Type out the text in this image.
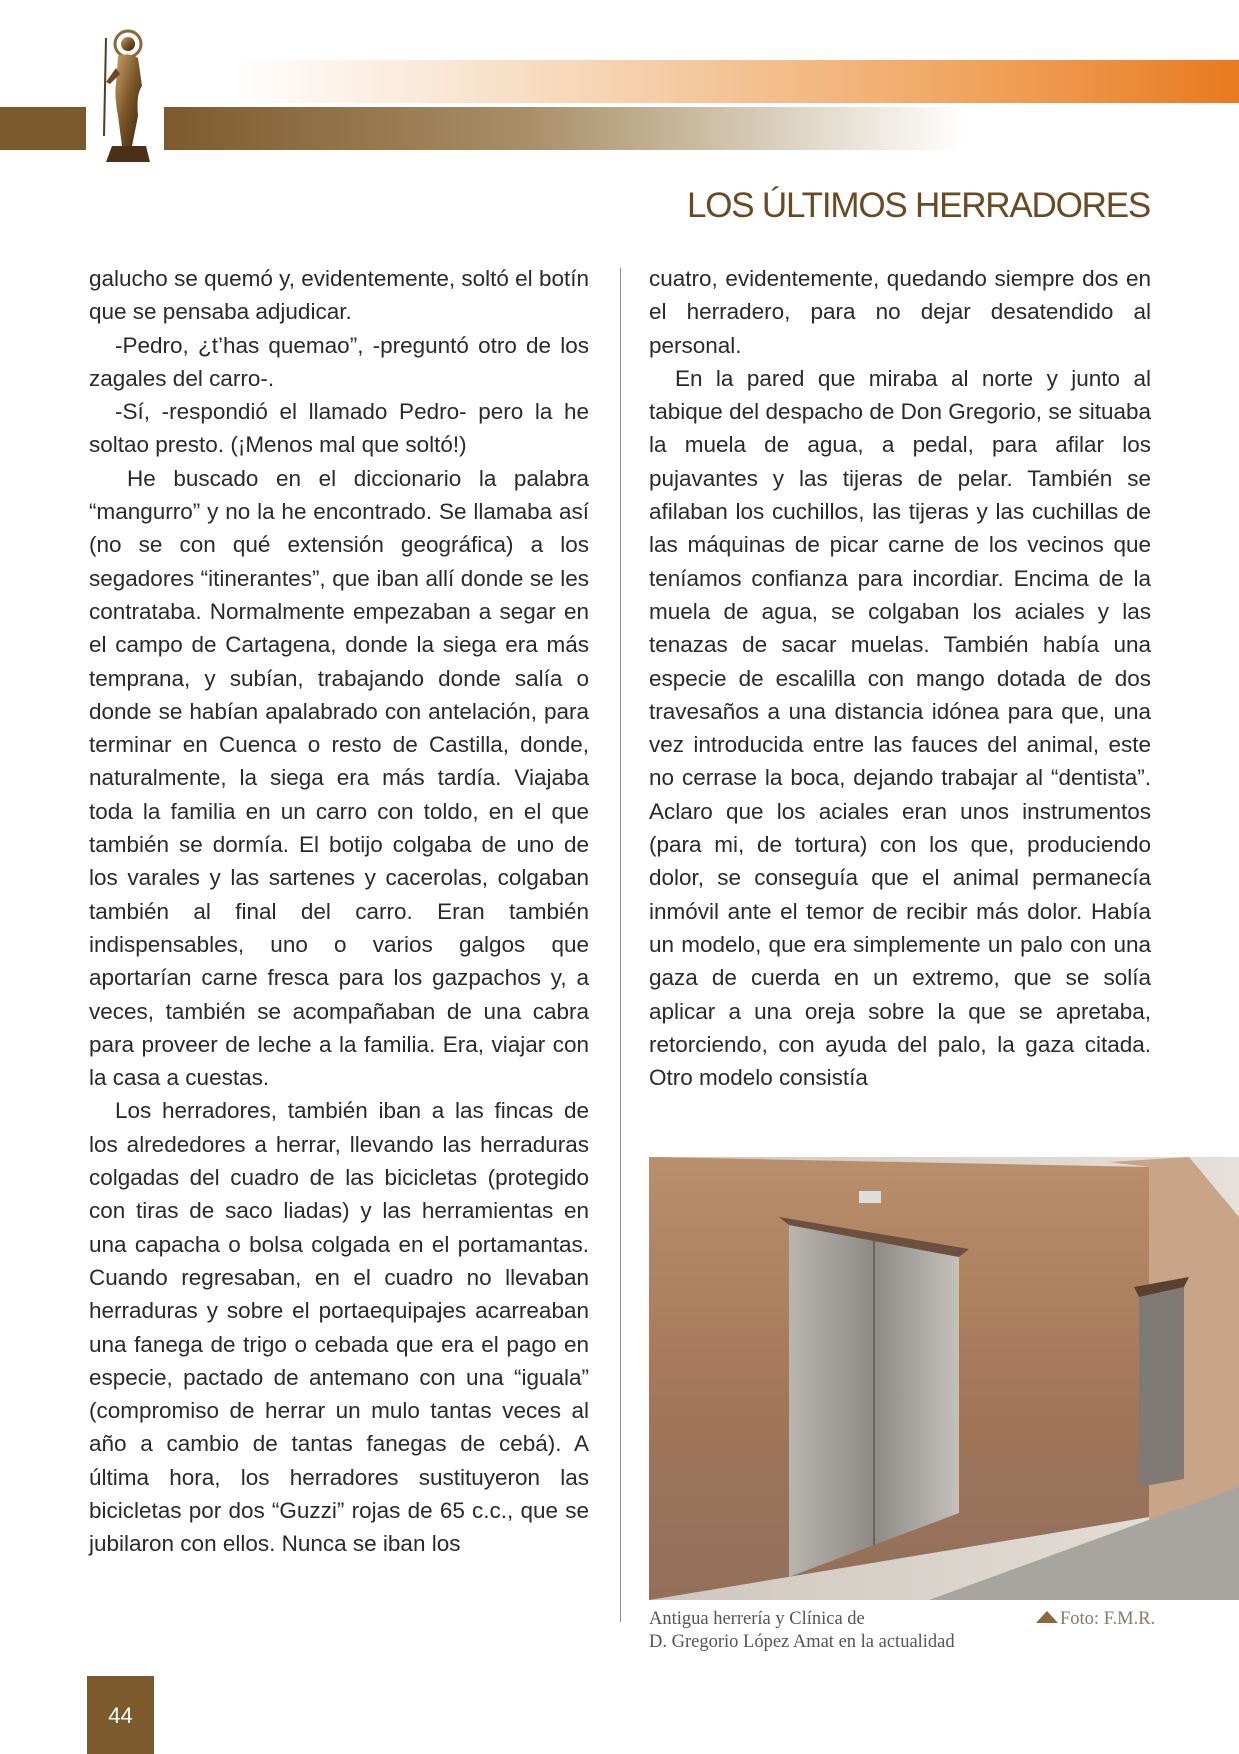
LOS ÚLTIMOS HERRADORES

galucho se quemó y, evidentemente, soltó el botín que se pensaba adjudicar.

-Pedro, ¿t’has quemao”, -preguntó otro de los zagales del carro-.

-Sí, -respondió el llamado Pedro- pero la he soltao presto. (¡Menos mal que soltó!)

He buscado en el diccionario la palabra “mangurro” y no la he encontrado. Se llamaba así (no se con qué extensión geográfica) a los segadores “itinerantes”, que iban allí donde se les contrataba. Normalmente empezaban a segar en el campo de Cartagena, donde la siega era más temprana, y subían, trabajando donde salía o donde se habían apalabrado con antelación, para terminar en Cuenca o resto de Castilla, donde, naturalmente, la siega era más tardía. Viajaba toda la familia en un carro con toldo, en el que también se dormía. El botijo colgaba de uno de los varales y las sartenes y cacerolas, colgaban también al final del carro. Eran también indispensables, uno o varios galgos que aportarían carne fresca para los gazpachos y, a veces, también se acompañaban de una cabra para proveer de leche a la familia. Era, viajar con la casa a cuestas.

Los herradores, también iban a las fincas de los alrededores a herrar, llevando las herraduras colgadas del cuadro de las bicicletas (protegido con tiras de saco liadas) y las herramientas en una capacha o bolsa colgada en el portamantas. Cuando regresaban, en el cuadro no llevaban herraduras y sobre el portaequipajes acarreaban una fanega de trigo o cebada que era el pago en especie, pactado de antemano con una “iguala” (compromiso de herrar un mulo tantas veces al año a cambio de tantas fanegas de cebá). A última hora, los herradores sustituyeron las bicicletas por dos “Guzzi” rojas de 65 c.c., que se jubilaron con ellos. Nunca se iban los

cuatro, evidentemente, quedando siempre dos en el herradero, para no dejar desatendido al personal.

En la pared que miraba al norte y junto al tabique del despacho de Don Gregorio, se situaba la muela de agua, a pedal, para afilar los pujavantes y las tijeras de pelar. También se afilaban los cuchillos, las tijeras y las cuchillas de las máquinas de picar carne de los vecinos que teníamos confianza para incordiar. Encima de la muela de agua, se colgaban los aciales y las tenazas de sacar muelas. También había una especie de escalilla con mango dotada de dos travesaños a una distancia idónea para que, una vez introducida entre las fauces del animal, este no cerrase la boca, dejando trabajar al “dentista”. Aclaro que los aciales eran unos instrumentos (para mi, de tortura) con los que, produciendo dolor, se conseguía que el animal permanecía inmóvil ante el temor de recibir más dolor. Había un modelo, que era simplemente un palo con una gaza de cuerda en un extremo, que se solía aplicar a una oreja sobre la que se apretaba, retorciendo, con ayuda del palo, la gaza citada. Otro modelo consistía

Antigua herrería y Clínica de
D. Gregorio López Amat en la actualidad
Foto: F.M.R.
44
